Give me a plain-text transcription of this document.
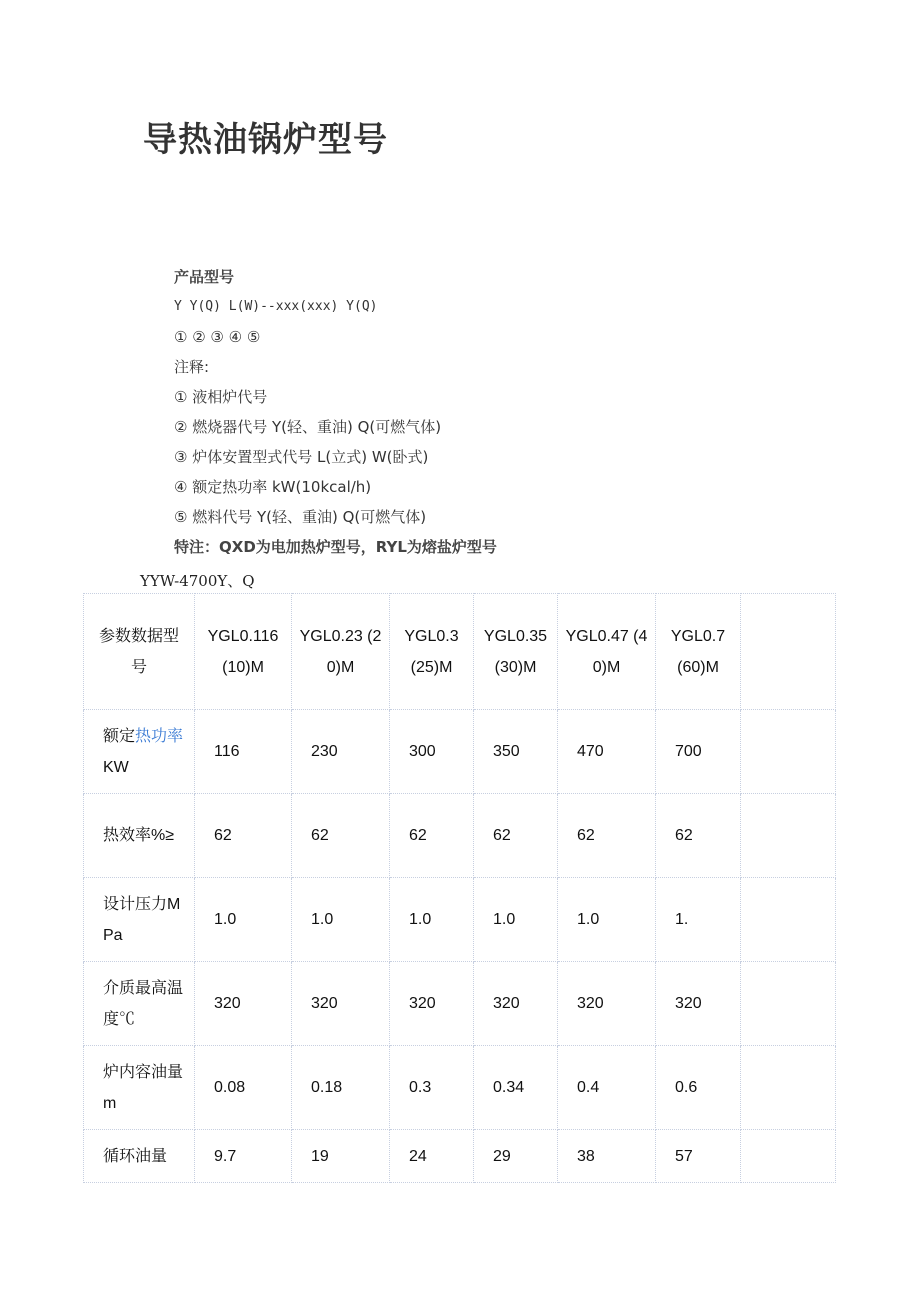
导热油锅炉型号
产品型号
Y Y(Q) L(W)--xxx(xxx) Y(Q)
① ② ③ ④ ⑤
注释:
① 液相炉代号
② 燃烧器代号 Y(轻、重油) Q(可燃气体)
③ 炉体安置型式代号 L(立式) W(卧式)
④ 额定热功率 kW(10kcal/h)
⑤ 燃料代号 Y(轻、重油) Q(可燃气体)
特注：QXD为电加热炉型号，RYL为熔盐炉型号
YYW-4700Y、Q
参数数据型号	YGL0.116 (10)M	YGL0.23 (20)M	YGL0.3 (25)M	YGL0.35 (30)M	YGL0.47 (40)M	YGL0.7 (60)M	
额定热功率 KW	116	230	300	350	470	700	
热效率%≥	62	62	62	62	62	62	
设计压力MPa	1.0	1.0	1.0	1.0	1.0	1.	
介质最高温度℃	320	320	320	320	320	320	
炉内容油量 m	0.08	0.18	0.3	0.34	0.4	0.6	
循环油量	9.7	19	24	29	38	57	
